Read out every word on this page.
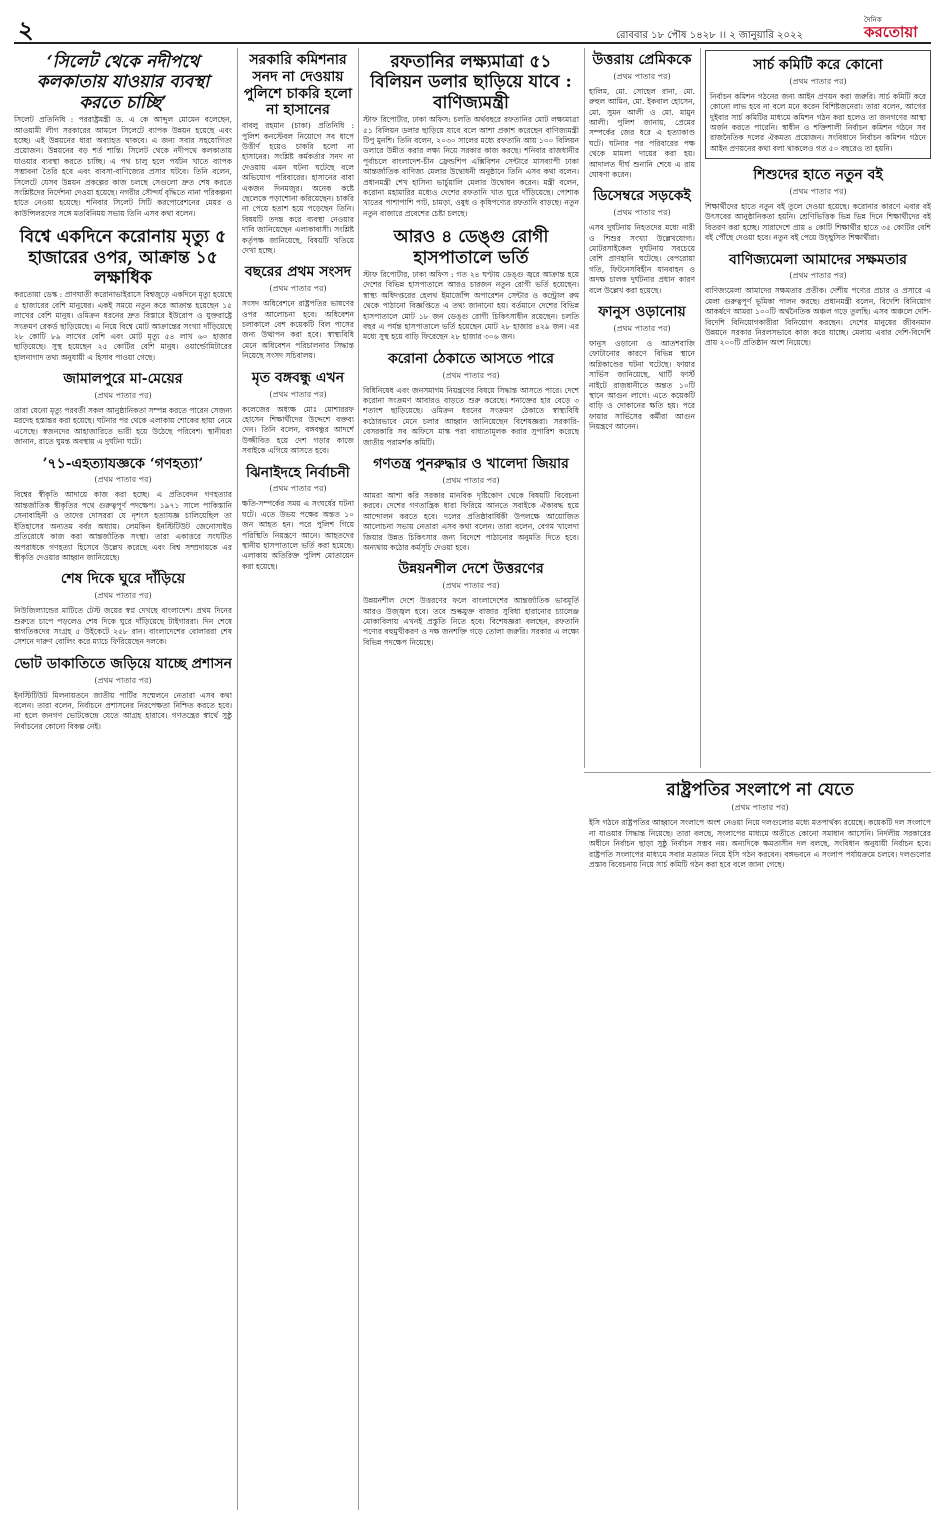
২	রোববার ১৮ পৌষ ১৪২৮ ।। ২ জানুয়ারি ২০২২
দৈনিক
করতোয়া
‘সিলেট থেকে নদীপথে কলকাতায় যাওয়ার ব্যবস্থা করতে চাচ্ছি’

সিলেট প্রতিনিধি : পররাষ্ট্রমন্ত্রী ড. এ কে আব্দুল মোমেন বলেছেন, আওয়ামী লীগ সরকারের আমলে সিলেটে ব্যাপক উন্নয়ন হয়েছে এবং হচ্ছে। এই উন্নয়নের ধারা অব্যাহত থাকবে। এ জন্য সবার সহযোগিতা প্রয়োজন। উন্নয়নের বড় শর্ত শান্তি। সিলেট থেকে নদীপথে কলকাতায় যাওয়ার ব্যবস্থা করতে চাচ্ছি। এ পথ চালু হলে পর্যটন খাতে ব্যাপক সম্ভাবনা তৈরি হবে এবং ব্যবসা-বাণিজ্যের প্রসার ঘটবে। তিনি বলেন, সিলেটে যেসব উন্নয়ন প্রকল্পের কাজ চলছে সেগুলো দ্রুত শেষ করতে সংশ্লিষ্টদের নির্দেশনা দেওয়া হয়েছে। নগরীর সৌন্দর্য বৃদ্ধিতে নানা পরিকল্পনা হাতে নেওয়া হয়েছে। শনিবার সিলেট সিটি করপোরেশনের মেয়র ও কাউন্সিলরদের সঙ্গে মতবিনিময় সভায় তিনি এসব কথা বলেন।

বিশ্বে একদিনে করোনায় মৃত্যু ৫ হাজারের ওপর, আক্রান্ত ১৫ লক্ষাধিক

করতোয়া ডেস্ক : প্রাণঘাতী করোনাভাইরাসে বিশ্বজুড়ে একদিনে মৃত্যু হয়েছে ৫ হাজারের বেশি মানুষের। একই সময়ে নতুন করে আক্রান্ত হয়েছেন ১৫ লাখের বেশি মানুষ। ওমিক্রন ধরনের দ্রুত বিস্তারে ইউরোপ ও যুক্তরাষ্ট্রে সংক্রমণ রেকর্ড ছাড়িয়েছে। এ নিয়ে বিশ্বে মোট আক্রান্তের সংখ্যা দাঁড়িয়েছে ২৮ কোটি ৮৯ লাখের বেশি এবং মোট মৃত্যু ৫৪ লাখ ৬০ হাজার ছাড়িয়েছে। সুস্থ হয়েছেন ২৫ কোটির বেশি মানুষ। ওয়ার্ল্ডোমিটারের হালনাগাদ তথ্য অনুযায়ী এ হিসাব পাওয়া গেছে।

জামালপুরে মা-মেয়ের
(প্রথম পাতার পর)

তারা যেনো মৃত্যু পরবর্তী সকল আনুষ্ঠানিকতা সম্পন্ন করতে পারেন সেজন্য মরদেহ হস্তান্তর করা হয়েছে। ঘটনার পর থেকে এলাকায় শোকের ছায়া নেমে এসেছে। স্বজনদের আহাজারিতে ভারী হয়ে উঠেছে পরিবেশ। স্থানীয়রা জানান, রাতে ঘুমন্ত অবস্থায় এ দুর্ঘটনা ঘটে।

’৭১-এহত্যাযজ্ঞকে ‘গণহত্যা’
(প্রথম পাতার পর)

বিশ্বের স্বীকৃতি আদায়ে কাজ করা হচ্ছে। এ প্রতিবেদন গণহত্যার আন্তর্জাতিক স্বীকৃতির পথে গুরুত্বপূর্ণ পদক্ষেপ। ১৯৭১ সালে পাকিস্তানি সেনাবাহিনী ও তাদের দোসররা যে নৃশংস হত্যাযজ্ঞ চালিয়েছিল তা ইতিহাসের অন্যতম বর্বর অধ্যায়। লেমকিন ইনস্টিটিউট জেনোসাইড প্রতিরোধে কাজ করা আন্তর্জাতিক সংস্থা। তারা একাত্তরে সংঘটিত অপরাধকে গণহত্যা হিসেবে উল্লেখ করেছে এবং বিশ্ব সম্প্রদায়কে এর স্বীকৃতি দেওয়ার আহ্বান জানিয়েছে।

শেষ দিকে ঘুরে দাঁড়িয়ে
(প্রথম পাতার পর)

নিউজিল্যান্ডের মাটিতে টেস্ট জয়ের স্বপ্ন দেখছে বাংলাদেশ। প্রথম দিনের শুরুতে চাপে পড়লেও শেষ দিকে ঘুরে দাঁড়িয়েছে টাইগাররা। দিন শেষে স্বাগতিকদের সংগ্রহ ৫ উইকেটে ২৫৮ রান। বাংলাদেশের বোলাররা শেষ সেশনে দারুণ বোলিং করে ম্যাচে ফিরিয়েছেন দলকে।

ভোট ডাকাতিতে জড়িয়ে যাচ্ছে প্রশাসন
(প্রথম পাতার পর)

ইনস্টিটিউট মিলনায়তনে জাতীয় পার্টির সম্মেলনে নেতারা এসব কথা বলেন। তারা বলেন, নির্বাচনে প্রশাসনের নিরপেক্ষতা নিশ্চিত করতে হবে। না হলে জনগণ ভোটকেন্দ্রে যেতে আগ্রহ হারাবে। গণতন্ত্রের স্বার্থে সুষ্ঠু নির্বাচনের কোনো বিকল্প নেই।

সরকারি কমিশনার সনদ না দেওয়ায় পুলিশে চাকরি হলো না হাসানের

বাবলু রহমান (চাকা) প্রতিনিধি : পুলিশ কনস্টেবল নিয়োগে সব ধাপে উত্তীর্ণ হয়েও চাকরি হলো না হাসানের। সংশ্লিষ্ট কর্মকর্তার সনদ না দেওয়ায় এমন ঘটনা ঘটেছে বলে অভিযোগ পরিবারের। হাসানের বাবা একজন দিনমজুর। অনেক কষ্টে ছেলেকে পড়াশোনা করিয়েছেন। চাকরি না পেয়ে হতাশ হয়ে পড়েছেন তিনি। বিষয়টি তদন্ত করে ব্যবস্থা নেওয়ার দাবি জানিয়েছেন এলাকাবাসী। সংশ্লিষ্ট কর্তৃপক্ষ জানিয়েছে, বিষয়টি খতিয়ে দেখা হচ্ছে।

বছরের প্রথম সংসদ
(প্রথম পাতার পর)

সংসদ অধিবেশনে রাষ্ট্রপতির ভাষণের ওপর আলোচনা হবে। অধিবেশন চলাকালে বেশ কয়েকটি বিল পাসের জন্য উত্থাপন করা হবে। স্বাস্থ্যবিধি মেনে অধিবেশন পরিচালনার সিদ্ধান্ত নিয়েছে সংসদ সচিবালয়।

মৃত বঙ্গবন্ধু এখন
(প্রথম পাতার পর)

কলেজের অধ্যক্ষ মোঃ মোশাররফ হোসেন শিক্ষার্থীদের উদ্দেশে বক্তব্য দেন। তিনি বলেন, বঙ্গবন্ধুর আদর্শে উজ্জীবিত হয়ে দেশ গড়ার কাজে সবাইকে এগিয়ে আসতে হবে।

ঝিনাইদহে নির্বাচনী
(প্রথম পাতার পর)

ক্ষতি-সম্পর্কের সময় এ সংঘর্ষের ঘটনা ঘটে। এতে উভয় পক্ষের অন্তত ১০ জন আহত হন। পরে পুলিশ গিয়ে পরিস্থিতি নিয়ন্ত্রণে আনে। আহতদের স্থানীয় হাসপাতালে ভর্তি করা হয়েছে। এলাকায় অতিরিক্ত পুলিশ মোতায়েন করা হয়েছে।

রফতানির লক্ষ্যমাত্রা ৫১ বিলিয়ন ডলার ছাড়িয়ে যাবে : বাণিজ্যমন্ত্রী

স্টাফ রিপোর্টার, ঢাকা অফিস: চলতি অর্থবছরে রফতানির মোট লক্ষ্যমাত্রা ৫১ বিলিয়ন ডলার ছাড়িয়ে যাবে বলে আশা প্রকাশ করেছেন বাণিজ্যমন্ত্রী টিপু মুনশি। তিনি বলেন, ২০৩০ সালের মধ্যে রফতানি আয় ১০০ বিলিয়ন ডলারে উন্নীত করার লক্ষ্য নিয়ে সরকার কাজ করছে। শনিবার রাজধানীর পূর্বাচলে বাংলাদেশ-চীন ফ্রেন্ডশিপ এক্সিবিশন সেন্টারে মাসব্যাপী ঢাকা আন্তর্জাতিক বাণিজ্য মেলার উদ্বোধনী অনুষ্ঠানে তিনি এসব কথা বলেন। প্রধানমন্ত্রী শেখ হাসিনা ভার্চুয়ালি মেলার উদ্বোধন করেন। মন্ত্রী বলেন, করোনা মহামারির মধ্যেও দেশের রফতানি খাত ঘুরে দাঁড়িয়েছে। পোশাক খাতের পাশাপাশি পাট, চামড়া, ওষুধ ও কৃষিপণ্যের রফতানি বাড়ছে। নতুন নতুন বাজারে প্রবেশের চেষ্টা চলছে।

আরও ৪ ডেঙ্গু রোগী হাসপাতালে ভর্তি

স্টাফ রিপোর্টার, ঢাকা অফিস : গত ২৪ ঘণ্টায় ডেঙ্গু জ্বরে আক্রান্ত হয়ে দেশের বিভিন্ন হাসপাতালে আরও চারজন নতুন রোগী ভর্তি হয়েছেন। স্বাস্থ্য অধিদপ্তরের হেলথ ইমার্জেন্সি অপারেশন সেন্টার ও কন্ট্রোল রুম থেকে পাঠানো বিজ্ঞপ্তিতে এ তথ্য জানানো হয়। বর্তমানে দেশের বিভিন্ন হাসপাতালে মোট ১৮ জন ডেঙ্গু রোগী চিকিৎসাধীন রয়েছেন। চলতি বছর এ পর্যন্ত হাসপাতালে ভর্তি হয়েছেন মোট ২৮ হাজার ৪২৯ জন। এর মধ্যে সুস্থ হয়ে বাড়ি ফিরেছেন ২৮ হাজার ৩০৬ জন।

করোনা ঠেকাতে আসতে পারে
(প্রথম পাতার পর)

বিধিনিষেধ এবং জনসমাগম নিয়ন্ত্রণের বিষয়ে সিদ্ধান্ত আসতে পারে। দেশে করোনা সংক্রমণ আবারও বাড়তে শুরু করেছে। শনাক্তের হার বেড়ে ৩ শতাংশ ছাড়িয়েছে। ওমিক্রন ধরনের সংক্রমণ ঠেকাতে স্বাস্থ্যবিধি কঠোরভাবে মেনে চলার আহ্বান জানিয়েছেন বিশেষজ্ঞরা। সরকারি-বেসরকারি সব অফিসে মাস্ক পরা বাধ্যতামূলক করার সুপারিশ করেছে জাতীয় পরামর্শক কমিটি।

গণতন্ত্র পুনরুদ্ধার ও খালেদা জিয়ার
(প্রথম পাতার পর)

আমরা আশা করি সরকার মানবিক দৃষ্টিকোণ থেকে বিষয়টি বিবেচনা করবে। দেশের গণতান্ত্রিক ধারা ফিরিয়ে আনতে সবাইকে ঐক্যবদ্ধ হয়ে আন্দোলন করতে হবে। দলের প্রতিষ্ঠাবার্ষিকী উপলক্ষে আয়োজিত আলোচনা সভায় নেতারা এসব কথা বলেন। তারা বলেন, বেগম খালেদা জিয়ার উন্নত চিকিৎসার জন্য বিদেশে পাঠানোর অনুমতি দিতে হবে। অন্যথায় কঠোর কর্মসূচি দেওয়া হবে।

উন্নয়নশীল দেশে উত্তরণের
(প্রথম পাতার পর)

উন্নয়নশীল দেশে উত্তরণের ফলে বাংলাদেশের আন্তর্জাতিক ভাবমূর্তি আরও উজ্জ্বল হবে। তবে শুল্কমুক্ত বাজার সুবিধা হারানোর চ্যালেঞ্জ মোকাবিলায় এখনই প্রস্তুতি নিতে হবে। বিশেষজ্ঞরা বলছেন, রফতানি পণ্যের বহুমুখীকরণ ও দক্ষ জনশক্তি গড়ে তোলা জরুরি। সরকার এ লক্ষ্যে বিভিন্ন পদক্ষেপ নিয়েছে।

উত্তরায় প্রেমিককে
(প্রথম পাতার পর)

হালিম, মো. সোহেল রানা, মো. রুহুল আমিন, মো. ইকবাল হোসেন, মো. সুমন আলী ও মো. মামুন আলী। পুলিশ জানায়, প্রেমের সম্পর্কের জের ধরে এ হত্যাকাণ্ড ঘটে। ঘটনার পর পরিবারের পক্ষ থেকে মামলা দায়ের করা হয়। আদালত দীর্ঘ শুনানি শেষে এ রায় ঘোষণা করেন।

ডিসেম্বরে সড়কেই
(প্রথম পাতার পর)

এসব দুর্ঘটনায় নিহতদের মধ্যে নারী ও শিশুর সংখ্যা উল্লেখযোগ্য। মোটরসাইকেল দুর্ঘটনায় সবচেয়ে বেশি প্রাণহানি ঘটেছে। বেপরোয়া গতি, ফিটনেসবিহীন যানবাহন ও অদক্ষ চালক দুর্ঘটনার প্রধান কারণ বলে উল্লেখ করা হয়েছে।

ফানুস ওড়ানোয়
(প্রথম পাতার পর)

ফানুস ওড়ানো ও আতশবাজি ফোটানোর কারণে বিভিন্ন স্থানে অগ্নিকাণ্ডের ঘটনা ঘটেছে। ফায়ার সার্ভিস জানিয়েছে, থার্টি ফার্স্ট নাইটে রাজধানীতে অন্তত ১০টি স্থানে আগুন লাগে। এতে কয়েকটি বাড়ি ও দোকানের ক্ষতি হয়। পরে ফায়ার সার্ভিসের কর্মীরা আগুন নিয়ন্ত্রণে আনেন।

সার্চ কমিটি করে কোনো
(প্রথম পাতার পর)

নির্বাচন কমিশন গঠনের জন্য আইন প্রণয়ন করা জরুরি। সার্চ কমিটি করে কোনো লাভ হবে না বলে মনে করেন বিশিষ্টজনেরা। তারা বলেন, আগের দুইবার সার্চ কমিটির মাধ্যমে কমিশন গঠন করা হলেও তা জনগণের আস্থা অর্জন করতে পারেনি। স্বাধীন ও শক্তিশালী নির্বাচন কমিশন গঠনে সব রাজনৈতিক দলের ঐকমত্য প্রয়োজন। সংবিধানে নির্বাচন কমিশন গঠনে আইন প্রণয়নের কথা বলা থাকলেও গত ৫০ বছরেও তা হয়নি।

শিশুদের হাতে নতুন বই
(প্রথম পাতার পর)

শিক্ষার্থীদের হাতে নতুন বই তুলে দেওয়া হয়েছে। করোনার কারণে এবার বই উৎসবের আনুষ্ঠানিকতা হয়নি। শ্রেণিভিত্তিক ভিন্ন ভিন্ন দিনে শিক্ষার্থীদের বই বিতরণ করা হচ্ছে। সারাদেশে প্রায় ৪ কোটি শিক্ষার্থীর হাতে ৩৫ কোটির বেশি বই পৌঁছে দেওয়া হবে। নতুন বই পেয়ে উচ্ছ্বসিত শিক্ষার্থীরা।

বাণিজ্যমেলা আমাদের সক্ষমতার
(প্রথম পাতার পর)

বাণিজ্যমেলা আমাদের সক্ষমতার প্রতীক। দেশীয় পণ্যের প্রচার ও প্রসারে এ মেলা গুরুত্বপূর্ণ ভূমিকা পালন করছে। প্রধানমন্ত্রী বলেন, বিদেশি বিনিয়োগ আকর্ষণে আমরা ১০০টি অর্থনৈতিক অঞ্চল গড়ে তুলছি। এসব অঞ্চলে দেশি-বিদেশি বিনিয়োগকারীরা বিনিয়োগ করছেন। দেশের মানুষের জীবনমান উন্নয়নে সরকার নিরলসভাবে কাজ করে যাচ্ছে। মেলায় এবার দেশি-বিদেশি প্রায় ২০০টি প্রতিষ্ঠান অংশ নিয়েছে।

রাষ্ট্রপতির সংলাপে না যেতে
(প্রথম পাতার পর)

ইসি গঠনে রাষ্ট্রপতির আহ্বানে সংলাপে অংশ নেওয়া নিয়ে দলগুলোর মধ্যে মতপার্থক্য রয়েছে। কয়েকটি দল সংলাপে না যাওয়ার সিদ্ধান্ত নিয়েছে। তারা বলছে, সংলাপের মাধ্যমে অতীতে কোনো সমাধান আসেনি। নির্দলীয় সরকারের অধীনে নির্বাচন ছাড়া সুষ্ঠু নির্বাচন সম্ভব নয়। অন্যদিকে ক্ষমতাসীন দল বলছে, সংবিধান অনুযায়ী নির্বাচন হবে। রাষ্ট্রপতি সংলাপের মাধ্যমে সবার মতামত নিয়ে ইসি গঠন করবেন। বঙ্গভবনে এ সংলাপ পর্যায়ক্রমে চলবে। দলগুলোর প্রস্তাব বিবেচনায় নিয়ে সার্চ কমিটি গঠন করা হবে বলে জানা গেছে।
